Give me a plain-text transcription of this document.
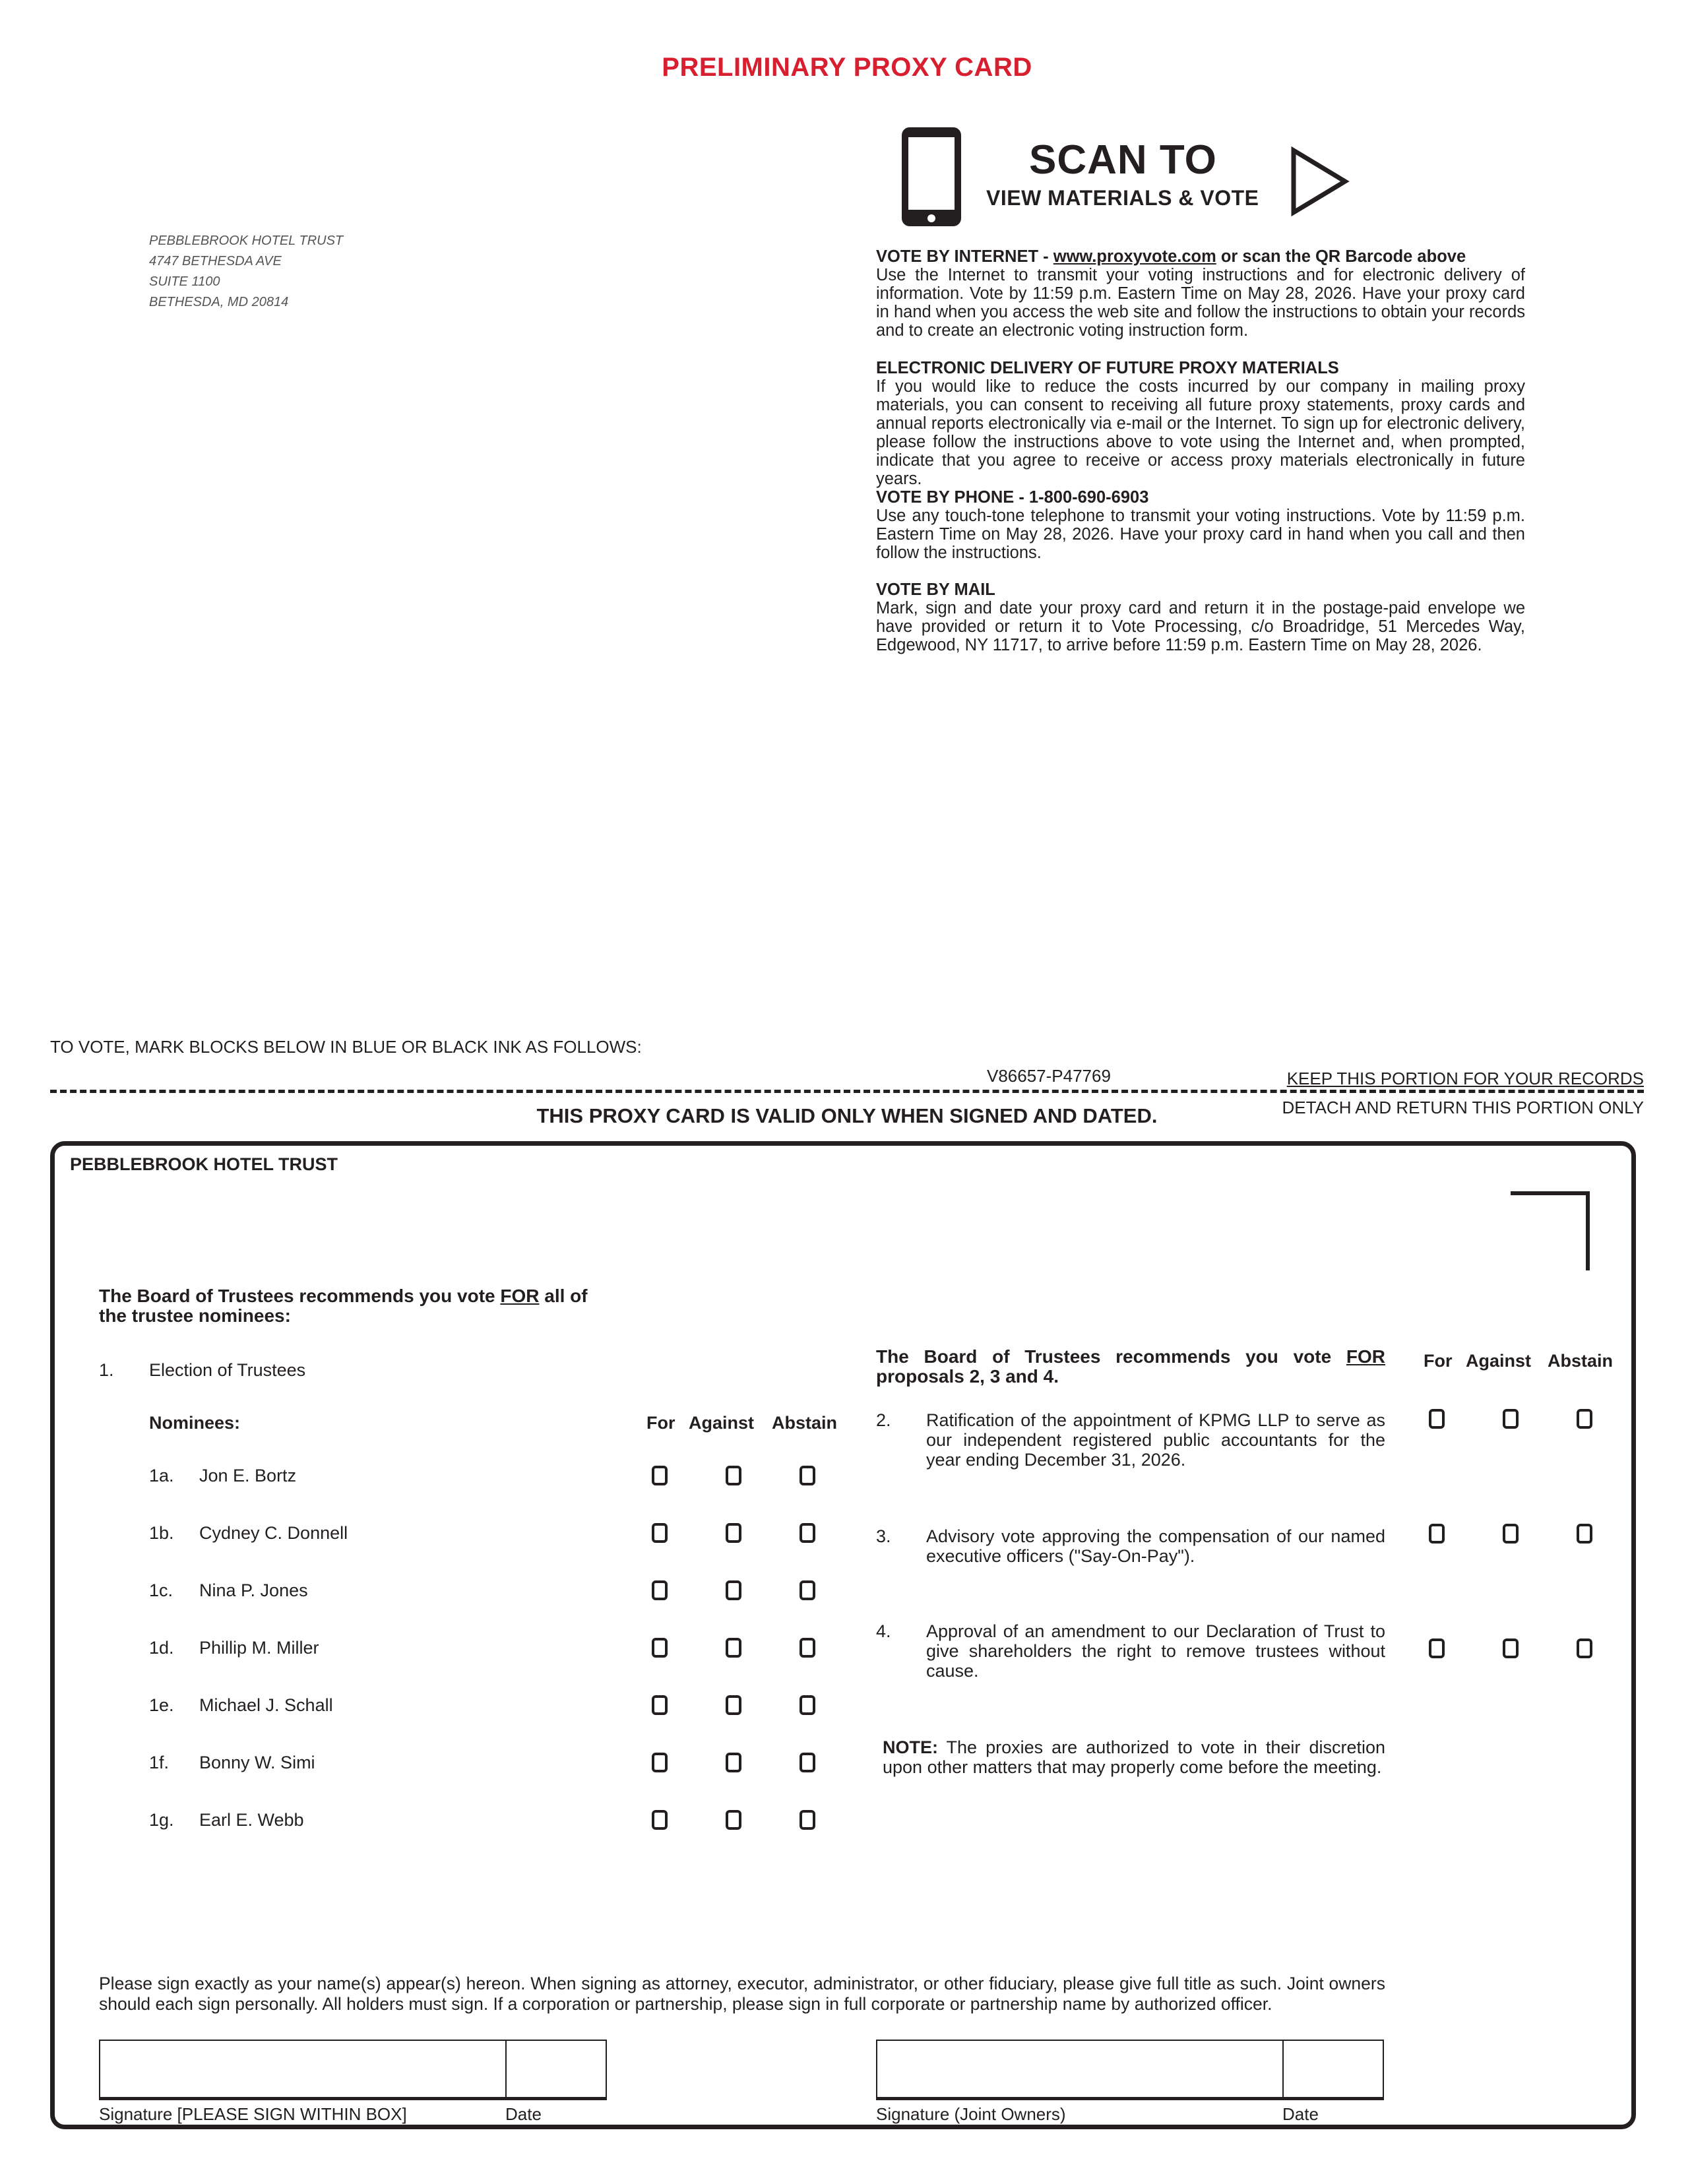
PRELIMINARY PROXY CARD
PEBBLEBROOK HOTEL TRUST
4747 BETHESDA AVE
SUITE 1100
BETHESDA, MD 20814
SCAN TO
VIEW MATERIALS & VOTE
VOTE BY INTERNET - www.proxyvote.com or scan the QR Barcode above

Use the Internet to transmit your voting instructions and for electronic delivery of information. Vote by 11:59 p.m. Eastern Time on May 28, 2026. Have your proxy card in hand when you access the web site and follow the instructions to obtain your records and to create an electronic voting instruction form.

ELECTRONIC DELIVERY OF FUTURE PROXY MATERIALS

If you would like to reduce the costs incurred by our company in mailing proxy materials, you can consent to receiving all future proxy statements, proxy cards and annual reports electronically via e-mail or the Internet. To sign up for electronic delivery, please follow the instructions above to vote using the Internet and, when prompted, indicate that you agree to receive or access proxy materials electronically in future years.

VOTE BY PHONE - 1-800-690-6903

Use any touch-tone telephone to transmit your voting instructions. Vote by 11:59 p.m. Eastern Time on May 28, 2026. Have your proxy card in hand when you call and then follow the instructions.

VOTE BY MAIL

Mark, sign and date your proxy card and return it in the postage-paid envelope we have provided or return it to Vote Processing, c/o Broadridge, 51 Mercedes Way, Edgewood, NY 11717, to arrive before 11:59 p.m. Eastern Time on May 28, 2026.

TO VOTE, MARK BLOCKS BELOW IN BLUE OR BLACK INK AS FOLLOWS:
V86657-P47769	KEEP THIS PORTION FOR YOUR RECORDS
DETACH AND RETURN THIS PORTION ONLY
THIS PROXY CARD IS VALID ONLY WHEN SIGNED AND DATED.
PEBBLEBROOK HOTEL TRUST
The Board of Trustees recommends you vote FOR all of
the trustee nominees:
1. Election of Trustees
Nominees:	For Against Abstain
1a. Jon E. Bortz
1b. Cydney C. Donnell
1c. Nina P. Jones
1d. Phillip M. Miller
1e. Michael J. Schall
1f. Bonny W. Simi
1g. Earl E. Webb
The Board of Trustees recommends you vote FOR
proposals 2, 3 and 4.
For Against Abstain
2. Ratification of the appointment of KPMG LLP to serve as our independent registered public accountants for the year ending December 31, 2026.
3. Advisory vote approving the compensation of our named executive officers ("Say-On-Pay").
4. Approval of an amendment to our Declaration of Trust to give shareholders the right to remove trustees without cause.
NOTE: The proxies are authorized to vote in their discretion upon other matters that may properly come before the meeting.
Please sign exactly as your name(s) appear(s) hereon. When signing as attorney, executor, administrator, or other fiduciary, please give full title as such. Joint owners should each sign personally. All holders must sign. If a corporation or partnership, please sign in full corporate or partnership name by authorized officer.
Signature [PLEASE SIGN WITHIN BOX]	Date	Signature (Joint Owners)	Date
